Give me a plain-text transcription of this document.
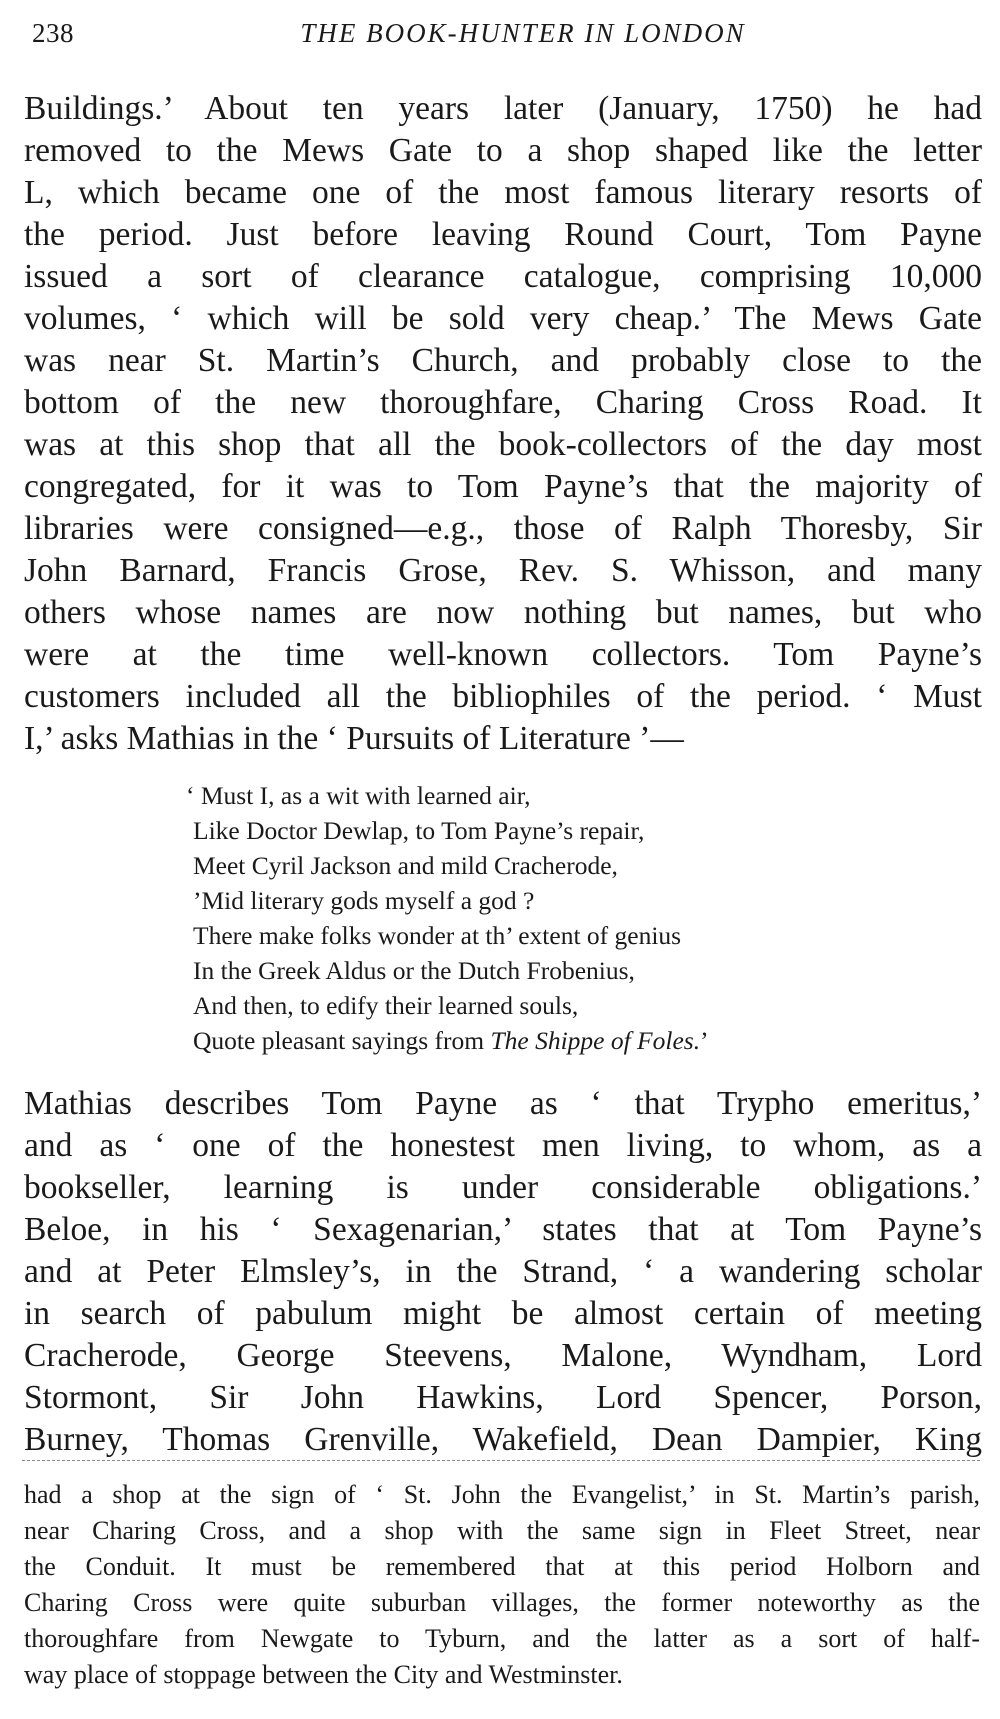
238	THE BOOK-HUNTER IN LONDON
Buildings.’ About ten years later (January, 1750) he had
removed to the Mews Gate to a shop shaped like the letter
L, which became one of the most famous literary resorts of
the period. Just before leaving Round Court, Tom Payne
issued a sort of clearance catalogue, comprising 10,000
volumes, ‘ which will be sold very cheap.’ The Mews Gate
was near St. Martin’s Church, and probably close to the
bottom of the new thoroughfare, Charing Cross Road. It
was at this shop that all the book-collectors of the day most
congregated, for it was to Tom Payne’s that the majority of
libraries were consigned—e.g., those of Ralph Thoresby, Sir
John Barnard, Francis Grose, Rev. S. Whisson, and many
others whose names are now nothing but names, but who
were at the time well-known collectors. Tom Payne’s
customers included all the bibliophiles of the period. ‘ Must
I,’ asks Mathias in the ‘ Pursuits of Literature ’—
‘ Must I, as a wit with learned air,
Like Doctor Dewlap, to Tom Payne’s repair,
Meet Cyril Jackson and mild Cracherode,
’Mid literary gods myself a god ?
There make folks wonder at th’ extent of genius
In the Greek Aldus or the Dutch Frobenius,
And then, to edify their learned souls,
Quote pleasant sayings from The Shippe of Foles.’
Mathias describes Tom Payne as ‘ that Trypho emeritus,’
and as ‘ one of the honestest men living, to whom, as a
bookseller, learning is under considerable obligations.’
Beloe, in his ‘ Sexagenarian,’ states that at Tom Payne’s
and at Peter Elmsley’s, in the Strand, ‘ a wandering scholar
in search of pabulum might be almost certain of meeting
Cracherode, George Steevens, Malone, Wyndham, Lord
Stormont, Sir John Hawkins, Lord Spencer, Porson,
Burney, Thomas Grenville, Wakefield, Dean Dampier, King
had a shop at the sign of ‘ St. John the Evangelist,’ in St. Martin’s parish,
near Charing Cross, and a shop with the same sign in Fleet Street, near
the Conduit. It must be remembered that at this period Holborn and
Charing Cross were quite suburban villages, the former noteworthy as the
thoroughfare from Newgate to Tyburn, and the latter as a sort of half-
way place of stoppage between the City and Westminster.
